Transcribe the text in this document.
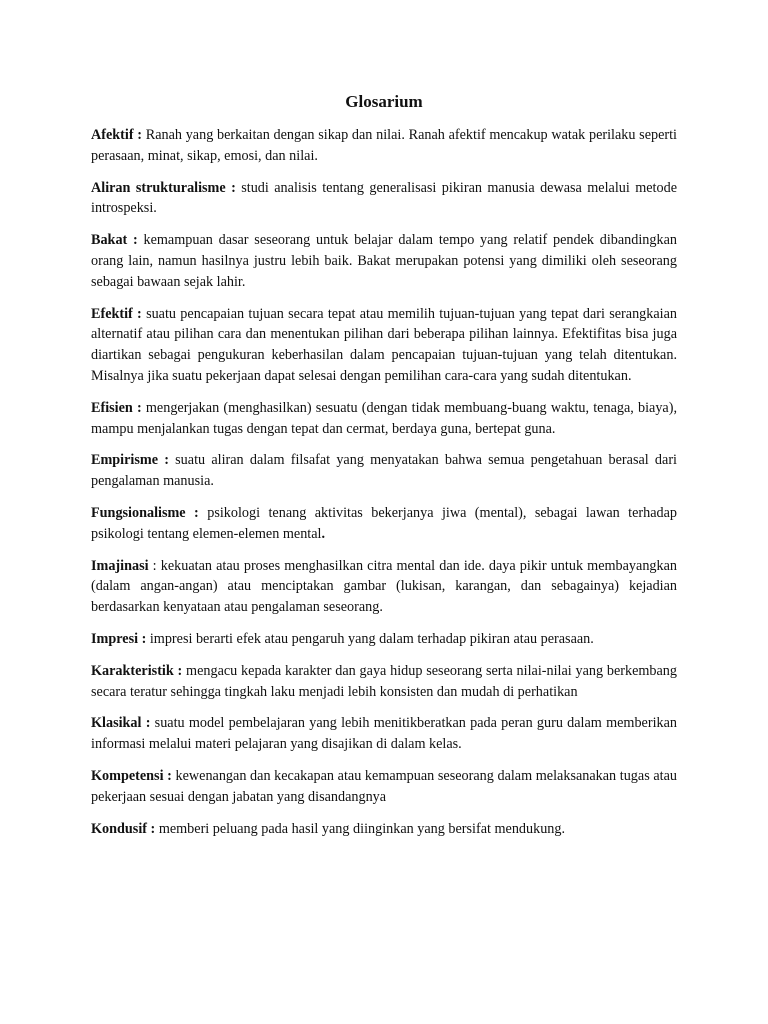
Glosarium

Afektif : Ranah yang berkaitan dengan sikap dan nilai. Ranah afektif mencakup watak perilaku seperti perasaan, minat, sikap, emosi, dan nilai.

Aliran strukturalisme : studi analisis tentang generalisasi pikiran manusia dewasa melalui metode introspeksi.

Bakat : kemampuan dasar seseorang untuk belajar dalam tempo yang relatif pendek dibandingkan orang lain, namun hasilnya justru lebih baik. Bakat merupakan potensi yang dimiliki oleh seseorang sebagai bawaan sejak lahir.

Efektif : suatu pencapaian tujuan secara tepat atau memilih tujuan-tujuan yang tepat dari serangkaian alternatif atau pilihan cara dan menentukan pilihan dari beberapa pilihan lainnya. Efektifitas bisa juga diartikan sebagai pengukuran keberhasilan dalam pencapaian tujuan-tujuan yang telah ditentukan. Misalnya jika suatu pekerjaan dapat selesai dengan pemilihan cara-cara yang sudah ditentukan.

Efisien : mengerjakan (menghasilkan) sesuatu (dengan tidak membuang-buang waktu, tenaga, biaya), mampu menjalankan tugas dengan tepat dan cermat, berdaya guna, bertepat guna.

Empirisme : suatu aliran dalam filsafat yang menyatakan bahwa semua pengetahuan berasal dari pengalaman manusia.

Fungsionalisme : psikologi tenang aktivitas bekerjanya jiwa (mental), sebagai lawan terhadap psikologi tentang elemen-elemen mental.

Imajinasi : kekuatan atau proses menghasilkan citra mental dan ide. daya pikir untuk membayangkan (dalam angan-angan) atau menciptakan gambar (lukisan, karangan, dan sebagainya) kejadian berdasarkan kenyataan atau pengalaman seseorang.

Impresi : impresi berarti efek atau pengaruh yang dalam terhadap pikiran atau perasaan.

Karakteristik : mengacu kepada karakter dan gaya hidup seseorang serta nilai-nilai yang berkembang secara teratur sehingga tingkah laku menjadi lebih konsisten dan mudah di perhatikan

Klasikal : suatu model pembelajaran yang lebih menitikberatkan pada peran guru dalam memberikan informasi melalui materi pelajaran yang disajikan di dalam kelas.

Kompetensi : kewenangan dan kecakapan atau kemampuan seseorang dalam melaksanakan tugas atau pekerjaan sesuai dengan jabatan yang disandangnya

Kondusif : memberi peluang pada hasil yang diinginkan yang bersifat mendukung.
